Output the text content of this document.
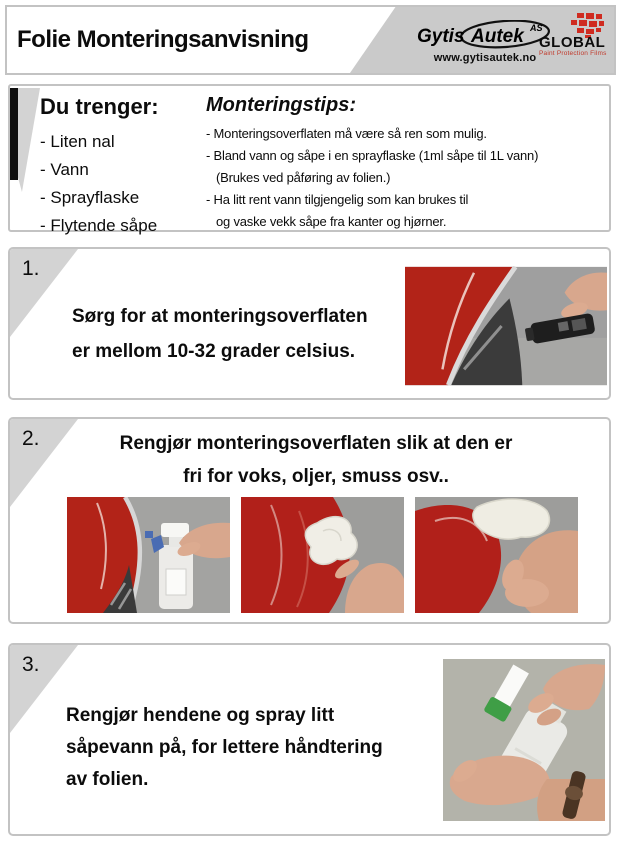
Folie Monteringsanvisning	Gytis Autek AS
www.gytisautek.no
GLOBAL
Paint Protection Films
Du trenger:
- Liten nal
- Vann
- Sprayflaske
- Flytende såpe
Monteringstips:
- Monteringsoverflaten må være så ren som mulig.
- Bland vann og såpe i en sprayflaske (1ml såpe til 1L vann)
(Brukes ved påføring av folien.)
- Ha litt rent vann tilgjengelig som kan brukes til
og vaske vekk såpe fra kanter og hjørner.
1.
Sørg for at monteringsoverflaten
er mellom 10-32 grader celsius.
2.	Rengjør monteringsoverflaten slik at den er
fri for voks, oljer, smuss osv..
3.
Rengjør hendene og spray litt
såpevann på, for lettere håndtering
av folien.
